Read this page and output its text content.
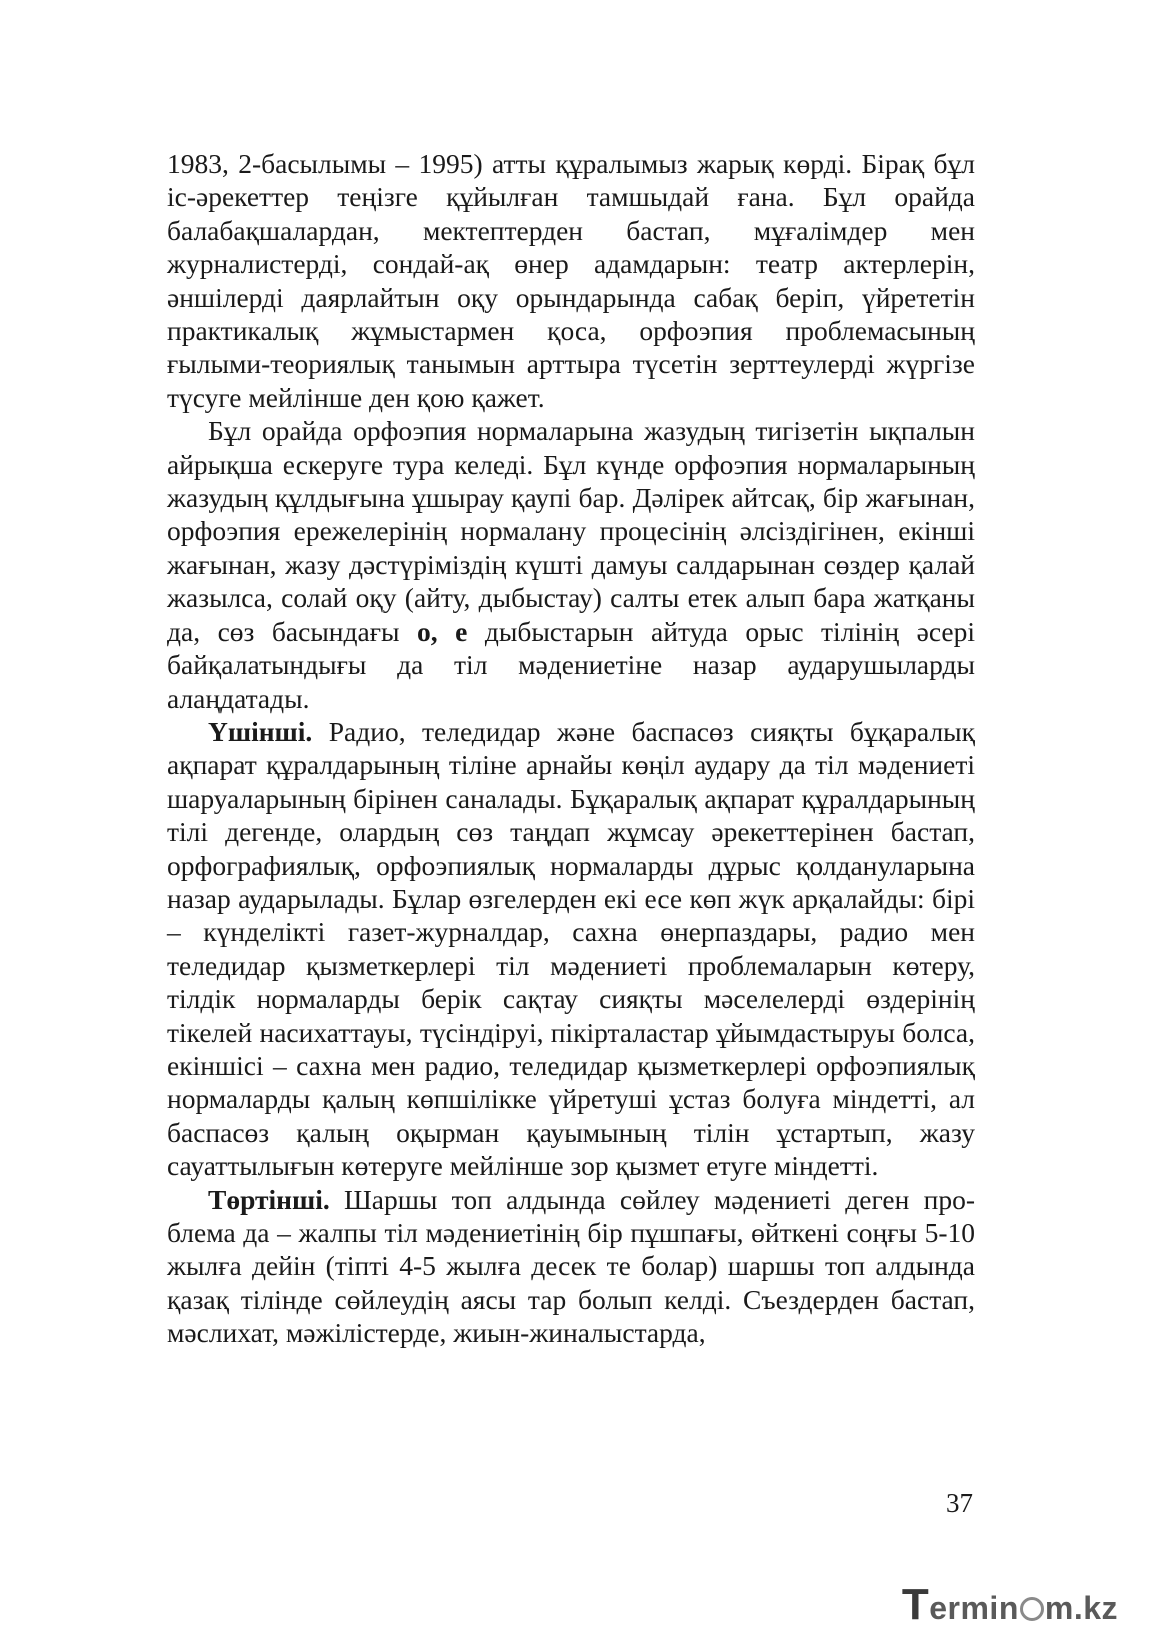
1983, 2-басылымы – 1995) атты құралымыз жарық көрді. Бірақ бұл іс-әрекеттер теңізге құйылған тамшыдай ғана. Бұл орайда балабақшалардан, мектептерден бастап, мұғалімдер мен журналистерді, сондай-ақ өнер адамдарын: театр актерлерін, әншілерді даярлайтын оқу орындарында сабақ беріп, үйрететін практикалық жұмыстармен қоса, орфоэпия проблемасының ғылыми-теориялық танымын арттыра түсетін зерттеулерді жүргізе түсуге мейлінше ден қою қажет.

Бұл орайда орфоэпия нормаларына жазудың тигізетін ықпалын айрықша ескеруге тура келеді. Бұл күнде орфоэпия нормаларының жазудың құлдығына ұшырау қаупі бар. Дәлірек айтсақ, бір жағынан, орфоэпия ережелерінің нормалану процесінің әлсіздігінен, екінші жағынан, жазу дәстүріміздің күшті дамуы салдарынан сөздер қалай жазылса, солай оқу (айту, дыбыстау) салты етек алып бара жатқаны да, сөз басындағы о, е дыбыстарын айтуда орыс тілінің әсері байқалатындығы да тіл мәдениетіне назар аударушыларды алаңдатады.

Үшінші. Радио, теледидар және баспасөз сияқты бұқаралық ақпарат құралдарының тіліне арнайы көңіл аудару да тіл мәдениеті шаруаларының бірінен саналады. Бұқаралық ақпарат құралдарының тілі дегенде, олардың сөз таңдап жұмсау әрекеттерінен бастап, орфографиялық, орфоэпиялық нормаларды дұрыс қолдануларына назар аударылады. Бұлар өзгелерден екі есе көп жүк арқалайды: бірі – күнделікті газет-журналдар, сахна өнерпаздары, радио мен теледидар қызметкерлері тіл мәдениеті проблемаларын көтеру, тілдік нормаларды берік сақтау сияқты мәселелерді өздерінің тікелей насихаттауы, түсіндіруі, пікірталастар ұйымдастыруы болса, екіншісі – сахна мен радио, теледидар қызметкерлері орфоэпиялық нормаларды қалың көпшілікке үйретуші ұстаз болуға міндетті, ал баспасөз қалың оқырман қауымының тілін ұстартып, жазу сауаттылығын көтеруге мейлінше зор қызмет етуге міндетті.

Төртінші. Шаршы топ алдында сөйлеу мәдениеті деген проблема да – жалпы тіл мәдениетінің бір пұшпағы, өйткені соңғы 5-10 жылға дейін (тіпті 4-5 жылға десек те болар) шаршы топ алдында қазақ тілінде сөйлеудің аясы тар болып келді. Съездерден бастап, мәслихат, мәжілістерде, жиын-жиналыстарда,

37
T ermin m.kz
